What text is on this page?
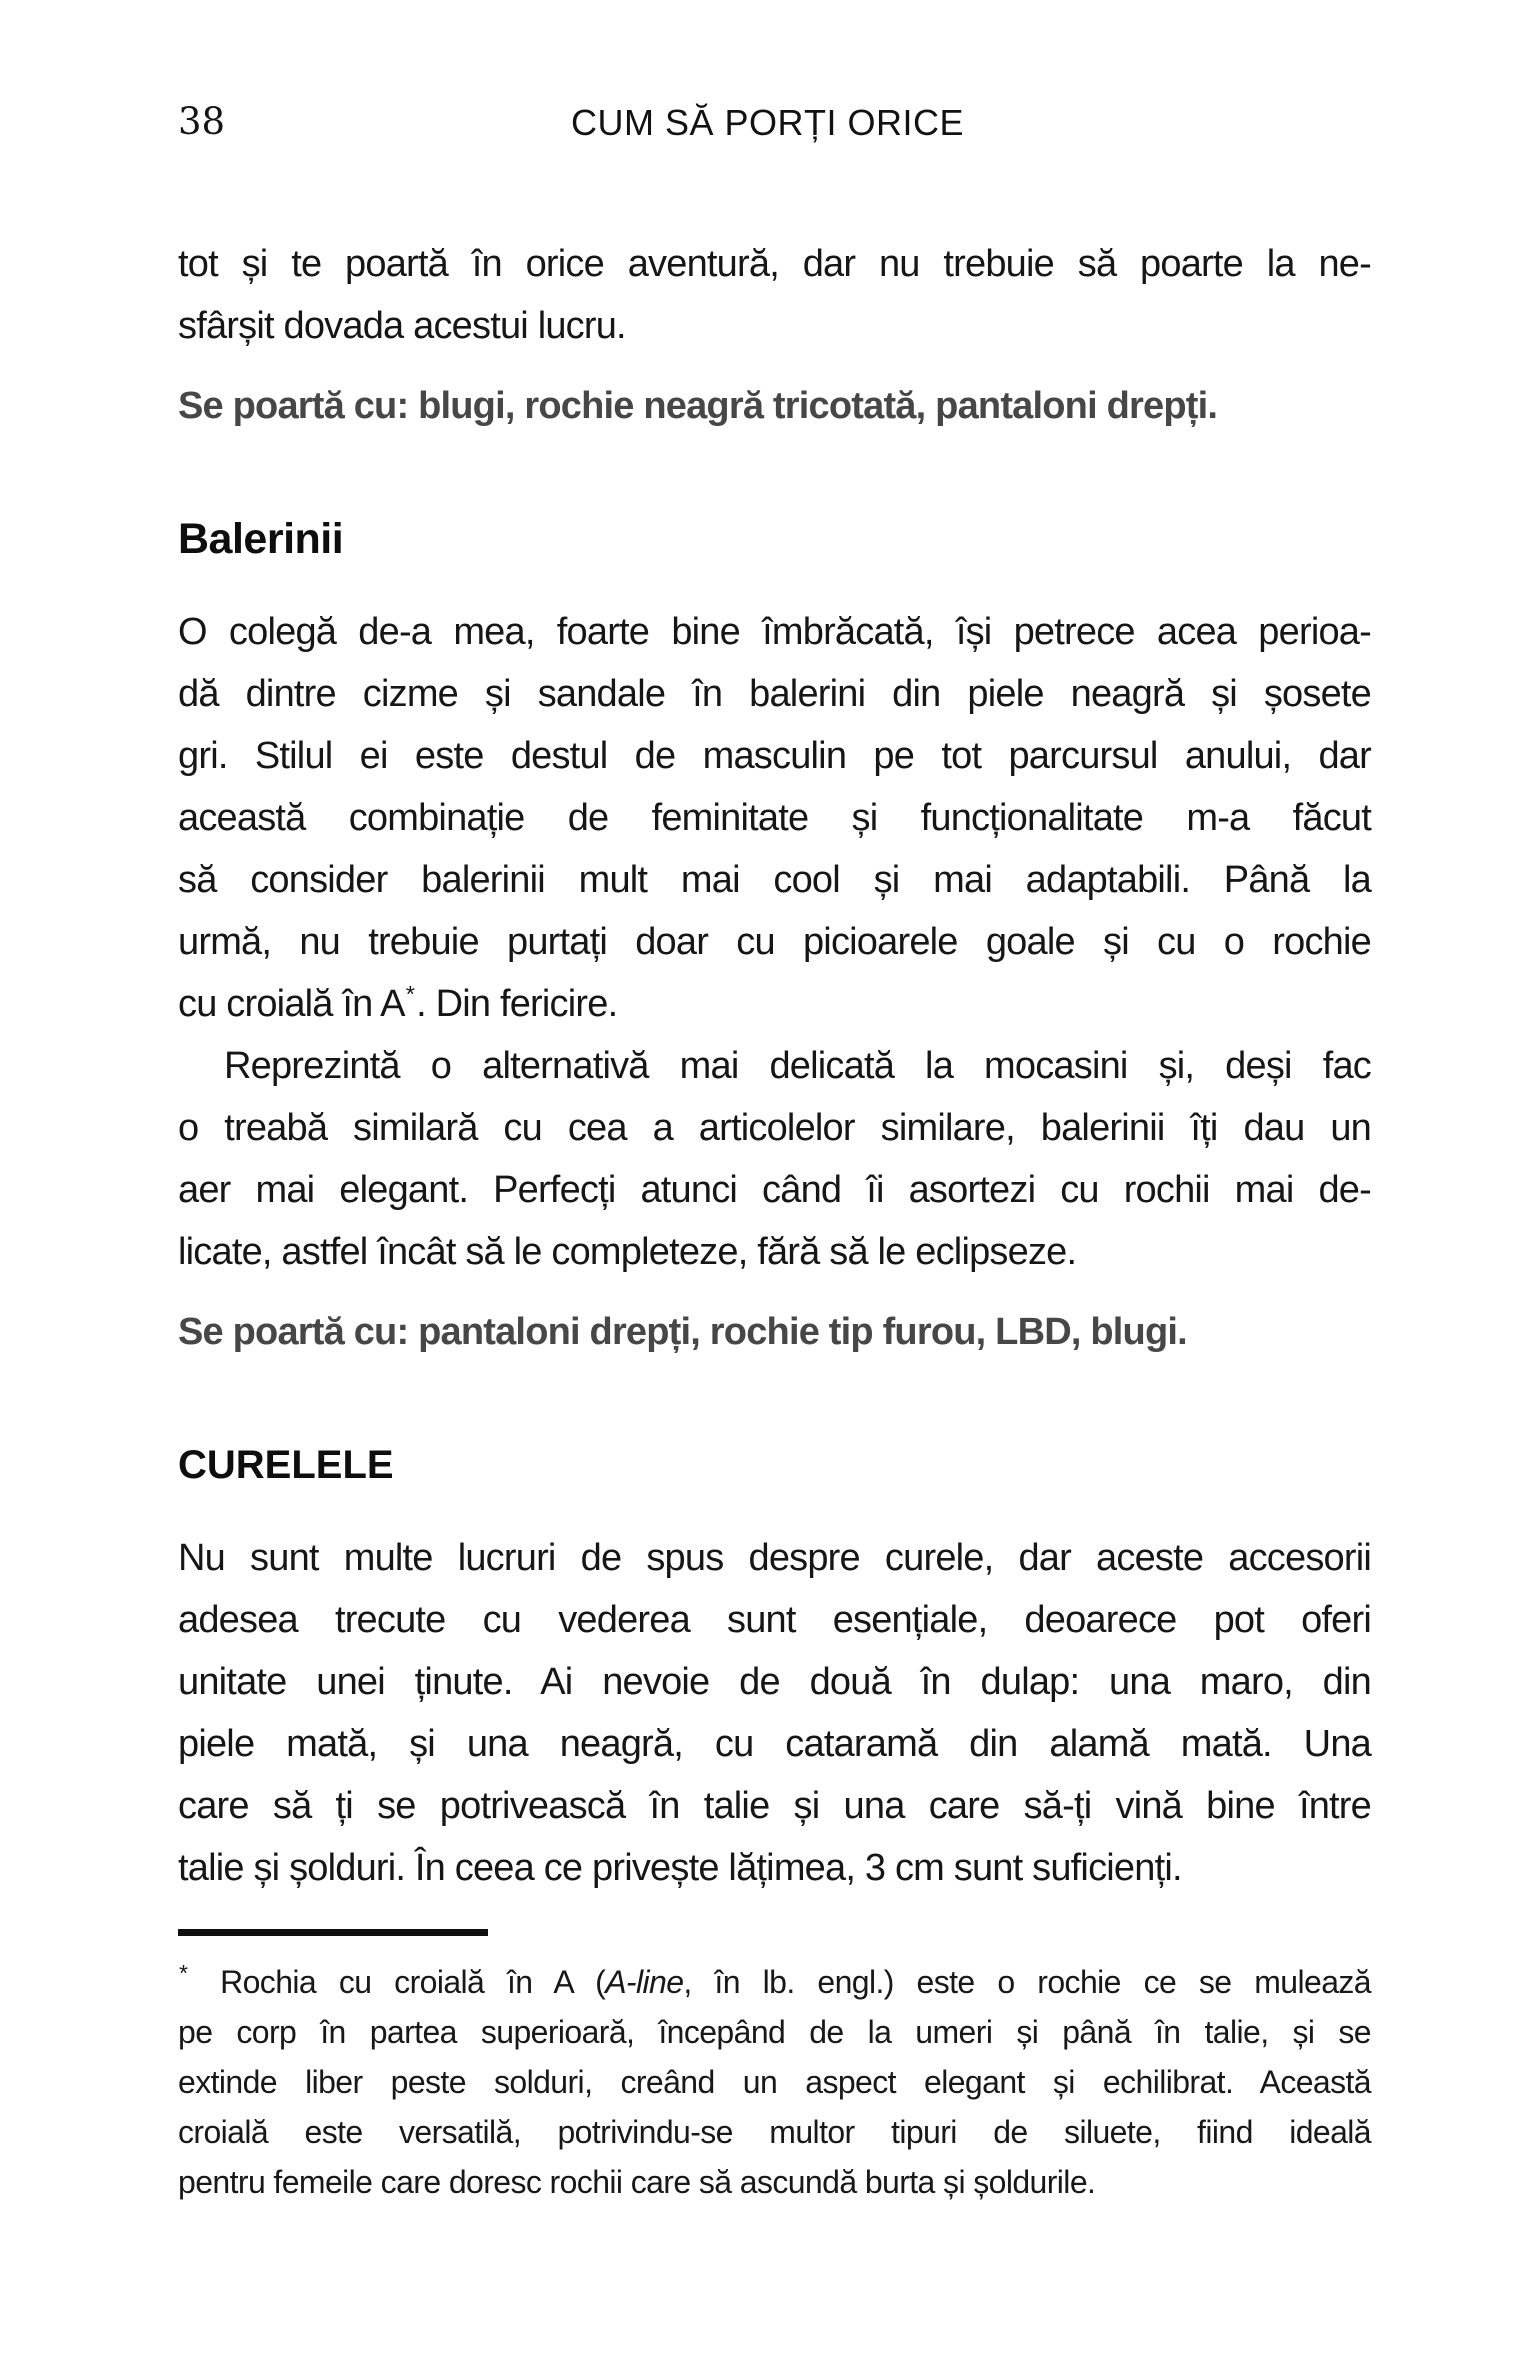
38	CUM SĂ PORȚI ORICE
tot și te poartă în orice aventură, dar nu trebuie să poarte la ne-
sfârșit dovada acestui lucru.

Se poartă cu: blugi, rochie neagră tricotată, pantaloni drepți.

Balerinii
O colegă de-a mea, foarte bine îmbrăcată, își petrece acea perioa-
dă dintre cizme și sandale în balerini din piele neagră și șosete
gri. Stilul ei este destul de masculin pe tot parcursul anului, dar
această combinație de feminitate și funcționalitate m-a făcut
să consider balerinii mult mai cool și mai adaptabili. Până la
urmă, nu trebuie purtați doar cu picioarele goale și cu o rochie
cu croială în A*. Din fericire.
Reprezintă o alternativă mai delicată la mocasini și, deși fac
o treabă similară cu cea a articolelor similare, balerinii îți dau un
aer mai elegant. Perfecți atunci când îi asortezi cu rochii mai de-
licate, astfel încât să le completeze, fără să le eclipseze.

Se poartă cu: pantaloni drepți, rochie tip furou, LBD, blugi.

CURELELE
Nu sunt multe lucruri de spus despre curele, dar aceste accesorii
adesea trecute cu vederea sunt esențiale, deoarece pot oferi
unitate unei ținute. Ai nevoie de două în dulap: una maro, din
piele mată, și una neagră, cu cataramă din alamă mată. Una
care să ți se potrivească în talie și una care să-ți vină bine între
talie și șolduri. În ceea ce privește lățimea, 3 cm sunt suficienți.
* Rochia cu croială în A (A-line, în lb. engl.) este o rochie ce se mulează
pe corp în partea superioară, începând de la umeri și până în talie, și se
extinde liber peste solduri, creând un aspect elegant și echilibrat. Această
croială este versatilă, potrivindu-se multor tipuri de siluete, fiind ideală
pentru femeile care doresc rochii care să ascundă burta și șoldurile.
